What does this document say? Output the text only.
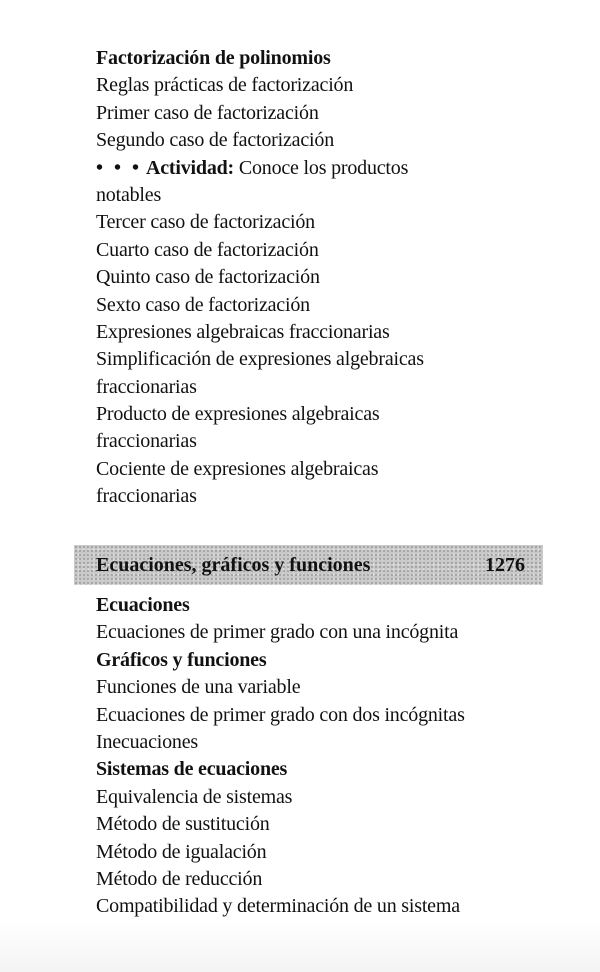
Factorización de polinomios
Reglas prácticas de factorización
Primer caso de factorización
Segundo caso de factorización
• • • Actividad: Conoce los productos
notables
Tercer caso de factorización
Cuarto caso de factorización
Quinto caso de factorización
Sexto caso de factorización
Expresiones algebraicas fraccionarias
Simplificación de expresiones algebraicas
fraccionarias
Producto de expresiones algebraicas
fraccionarias
Cociente de expresiones algebraicas
fraccionarias
Ecuaciones, gráficos y funciones	1276
Ecuaciones
Ecuaciones de primer grado con una incógnita
Gráficos y funciones
Funciones de una variable
Ecuaciones de primer grado con dos incógnitas
Inecuaciones
Sistemas de ecuaciones
Equivalencia de sistemas
Método de sustitución
Método de igualación
Método de reducción
Compatibilidad y determinación de un sistema
